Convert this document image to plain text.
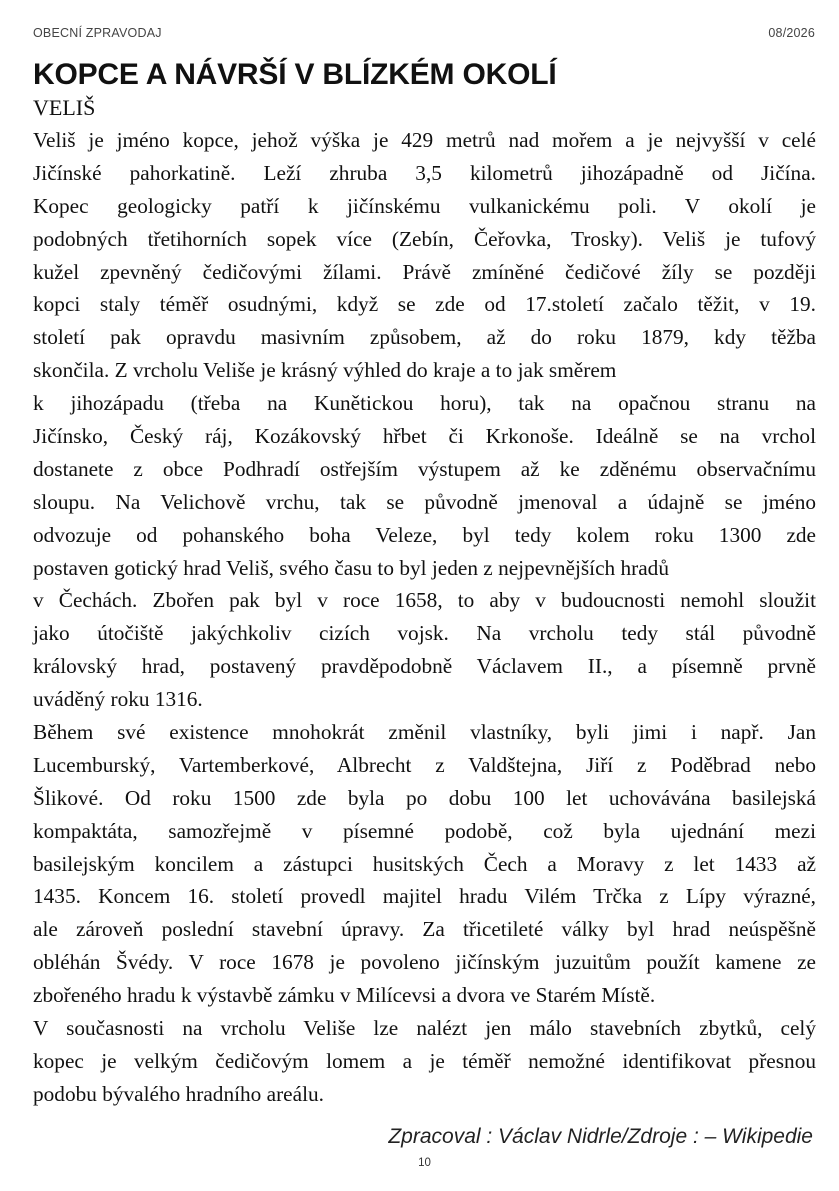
OBECNÍ ZPRAVODAJ	08/2026
KOPCE A NÁVRŠÍ V BLÍZKÉM OKOLÍ
VELIŠ
Veliš je jméno kopce, jehož výška je 429 metrů nad mořem a je nejvyšší v celé
Jičínské pahorkatině. Leží zhruba 3,5 kilometrů jihozápadně od Jičína.
Kopec geologicky patří k jičínskému vulkanickému poli. V okolí je
podobných třetihorních sopek více (Zebín, Čeřovka, Trosky). Veliš je tufový
kužel zpevněný čedičovými žílami. Právě zmíněné čedičové žíly se později
kopci staly téměř osudnými, když se zde od 17.století začalo těžit, v 19.
století pak opravdu masivním způsobem, až do roku 1879, kdy těžba
skončila. Z vrcholu Veliše je krásný výhled do kraje a to jak směrem
k jihozápadu (třeba na Kunětickou horu), tak na opačnou stranu na
Jičínsko, Český ráj, Kozákovský hřbet či Krkonoše. Ideálně se na vrchol
dostanete z obce Podhradí ostřejším výstupem až ke zděnému observačnímu
sloupu. Na Velichově vrchu, tak se původně jmenoval a údajně se jméno
odvozuje od pohanského boha Veleze, byl tedy kolem roku 1300 zde
postaven gotický hrad Veliš, svého času to byl jeden z nejpevnějších hradů
v Čechách. Zbořen pak byl v roce 1658, to aby v budoucnosti nemohl sloužit
jako útočiště jakýchkoliv cizích vojsk. Na vrcholu tedy stál původně
královský hrad, postavený pravděpodobně Václavem II., a písemně prvně
uváděný roku 1316.
Během své existence mnohokrát změnil vlastníky, byli jimi i např. Jan
Lucemburský, Vartemberkové, Albrecht z Valdštejna, Jiří z Poděbrad nebo
Šlikové. Od roku 1500 zde byla po dobu 100 let uchovávána basilejská
kompaktáta, samozřejmě v písemné podobě, což byla ujednání mezi
basilejským koncilem a zástupci husitských Čech a Moravy z let 1433 až
1435. Koncem 16. století provedl majitel hradu Vilém Trčka z Lípy výrazné,
ale zároveň poslední stavební úpravy. Za třicetileté války byl hrad neúspěšně
obléhán Švédy. V roce 1678 je povoleno jičínským juzuitům použít kamene ze
zbořeného hradu k výstavbě zámku v Milícevsi a dvora ve Starém Místě.
V současnosti na vrcholu Veliše lze nalézt jen málo stavebních zbytků, celý
kopec je velkým čedičovým lomem a je téměř nemožné identifikovat přesnou
podobu bývalého hradního areálu.
Zpracoval : Václav Nidrle/Zdroje : – Wikipedie
10
